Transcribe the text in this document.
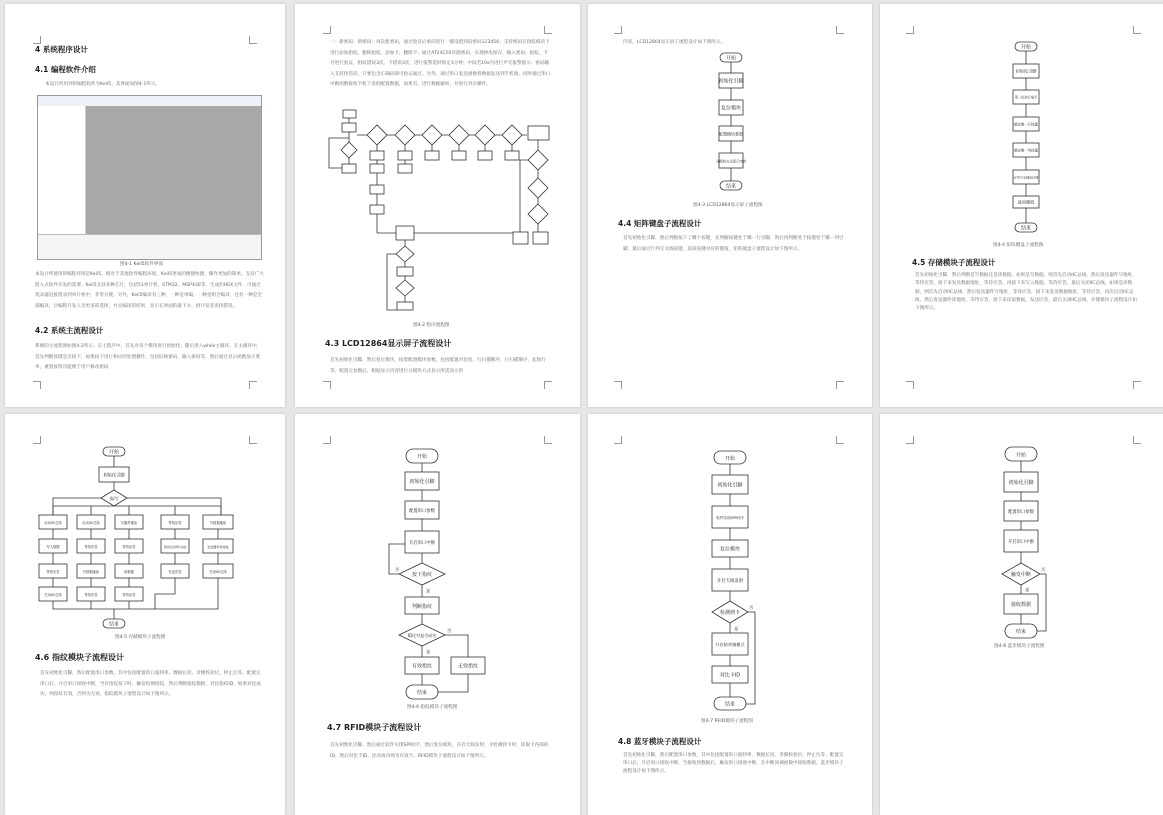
4 系统程序设计
4.1 编程软件介绍
本设计所用到的编程软件为Keil5，其界面如图4-1所示。
图4-1 Keil5软件界面
本设计所使用的编程环境是Keil5，相对于其他软件编程环境，Keil5更加的便捷快捷，操作更加的简单。支持广大嵌入式软件开发的需要。Keil5支持多种芯片，包括51单片机、STM32、MSP430等。生成的HEX文件，可通过烧录器直接烧录到单片机中，非常方便。另外，Keil5编译有三种，一种是单编，一种是组合编译，还有一种是全部编译，让编程开发人员更多的选择，并且编译的结果，显示在界面的最下方，供开发者查找错误。
4.2 系统主流程设计
系统的主流程图如图4-2所示。在主程序中，首先对各个模块进行初始化；随后进入while主循环。在主循环中，首先判断按键是否按下，如果按下进行相应的处理操作，包括旧换密码、输入密码等，然后通过显示函数显示菜单，重置按钮功能便于用户修改密码
一：新密码：新密码：再次新密码，通过验证后密码进行一键设置到旧密码123456；支持密码在指纹模块下进行添加指纹，删除指纹，添加卡，删除卡；通过AT24C02存储密码，实现掉电保存。输入密码、指纹、卡号进行验证，指纹错误3次、卡错误3次，进行报警延时锁定3分钟；中间若10s内进行声光报警提示；密码输入支持伪装码，只要包含正确码即可验证通过。另外，通过串口发送函数将数据发送到手机端，同时通过串口中断函数接收手机下发的配置数据，如果有，进行数据解析，并进行对应操作。
图4-2 程序流程图
4.3 LCD12864显示屏子流程设计
首先初始化引脚，然后复位模块，接着配置模块参数，包括配置对比度，行扫描顺序，行扫描顺序，起始行等，配置完参数后，根据显示内容进行分模块方式显示所需显示的
内容。LCD12864显示屏子流程设计如下图所示。
开始
初始化引脚
复位模块
配置模块参数
分模块方式显示内容
结束
图4-3 LCD12864显示屏子流程图
4.4 矩阵键盘子流程设计
首先初始化引脚，然后判断按下了哪个按键，先判断按键处于哪一行引脚，然后再判断处于按键处于哪一列引脚，最后通过行列交叉线按键，返回按键对应的键值，矩阵键盘子流程设计如下图所示。
开始
初始化引脚
第一化读行电平
确定哪一行按键
确定哪一列按键
行列交叉键定位键
返回键值
结束
图4-4 矩阵键盘子流程图
4.5 存储模块子流程设计
首先初始化引脚，然后判断是写数据还是读数据，如果是写数据，则首先启动IIC总线，然后发送器件写地址，等待应答，接下来发送数据地址，等待应答，再接下来写入数据，等待应答，最后关闭IIC总线。如果是读数据，则首先启动IIC总线，然后发送器件写地址，等待应答，接下来发送数据地址，等待应答，再次启动IIC总线，然后发送器件读地址，等待应答，接下来读取数据，发送应答，最后关闭IIC总线，存储模块子流程设计如下图所示。
开始
初始化引脚
读/写
启动IIC总线	启动IIC总线	写器件地址	等待应答	写数据地址
写入数据	等待应答	等待应答	再次启动IIC总线	发送器件读地址
等待应答	写数据地址	读数据	发送应答	关闭IIC总线
关闭IIC总线	等待应答	等待应答
结束
图4-5 存储模块子流程图
4.6 指纹模块子流程设计
首先初始化引脚，然后配置串口参数，其中包括配置串口波特率、数据长度、奇偶校验位、停止位等。配置完串口后，开启串口接收中断，当有指纹按下时，触发检测指纹，然后判断指纹模板，对比指纹ID，如果对比成功，则指纹有效，否则为无效，指纹模块子流程设计如下图所示。
开始
初始化引脚
配置串口参数
开启串口中断
按下指纹
判断指纹
ID比对是否成功
有效指纹	无效指纹
结束
是
否
是
否
图4-6 指纹模块子流程图
4.7 RFID模块子流程设计
首先初始化引脚，然后通过软件实现SPI时序，然后复位模块，开启天线发射，寻检测到卡时，读取卡内部的ID，然后对比卡ID，比对成功则为有效卡。RFID模块子流程设计如下图所示。
开始
初始化引脚
软件实现SPI时序
复位模块
开启天线发射
检测到卡
开启防冲撞模式
对比卡ID
结束
是
否
图4-7 RFID模块子流程图
4.8 蓝牙模块子流程设计
首先初始化引脚，然后配置串口参数，其中包括配置串口波特率、数据长度、奇偶校验位、停止位等。配置完串口后，开启串口接收中断，当接收到数据后，触发串口接收中断，在中断回调函数中接收数据。蓝牙模块子流程设计如下图所示。
开始
初始化引脚
配置串口参数
开启串口中断
触发中断
接收数据
结束
是
否
图4-8 蓝牙模块子流程图
